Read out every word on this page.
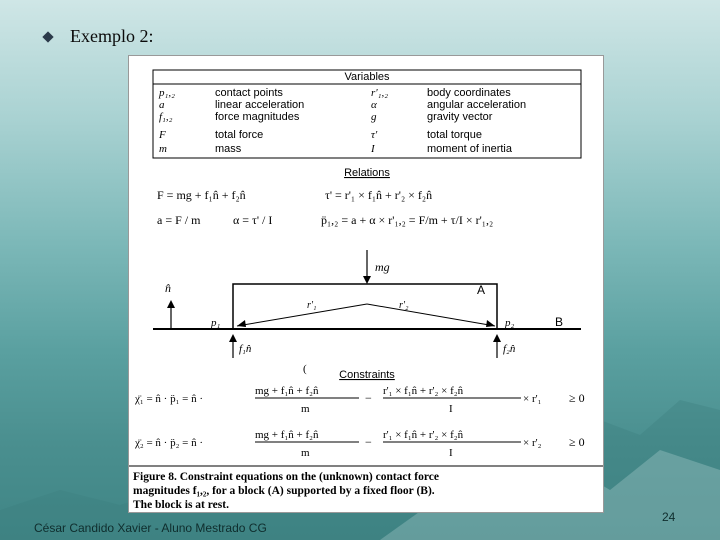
Exemplo 2:
Variables
p₁,₂	contact points	r'₁,₂	body coordinates
a	linear acceleration	α	angular acceleration
f₁,₂	force magnitudes	g	gravity vector
F	total force	τ'	total torque
m	mass	I	moment of inertia
Relations
F = mg + f₁n̂ + f₂n̂	τ' = r'₁ × f₁n̂ + r'₂ × f₂n̂
a = F / m	α = τ' / I	p̈₁,₂ = a + α × r'₁,₂ = F/m + τ/I × r'₁,₂
mg
n̂	A
B
r'₁	r'₂
p₁	p₂
f₁n̂	f₂n̂
Constraints
χ̈₁ = n̂ · p̈₁ = n̂ ·
(
mg + f₁n̂ + f₂n̂
m
− r'₁ × f₁n̂ + r'₂ × f₂n̂
I
× r'₁ ≥ 0
χ̈₂ = n̂ · p̈₂ = n̂ ·
mg + f₁n̂ + f₂n̂
m
− r'₁ × f₁n̂ + r'₂ × f₂n̂
I
× r'₂ ≥ 0
Figure 8. Constraint equations on the (unknown) contact force
magnitudes f₁,₂, for a block (A) supported by a fixed floor (B).
The block is at rest.
César Candido Xavier - Aluno Mestrado CG
24
